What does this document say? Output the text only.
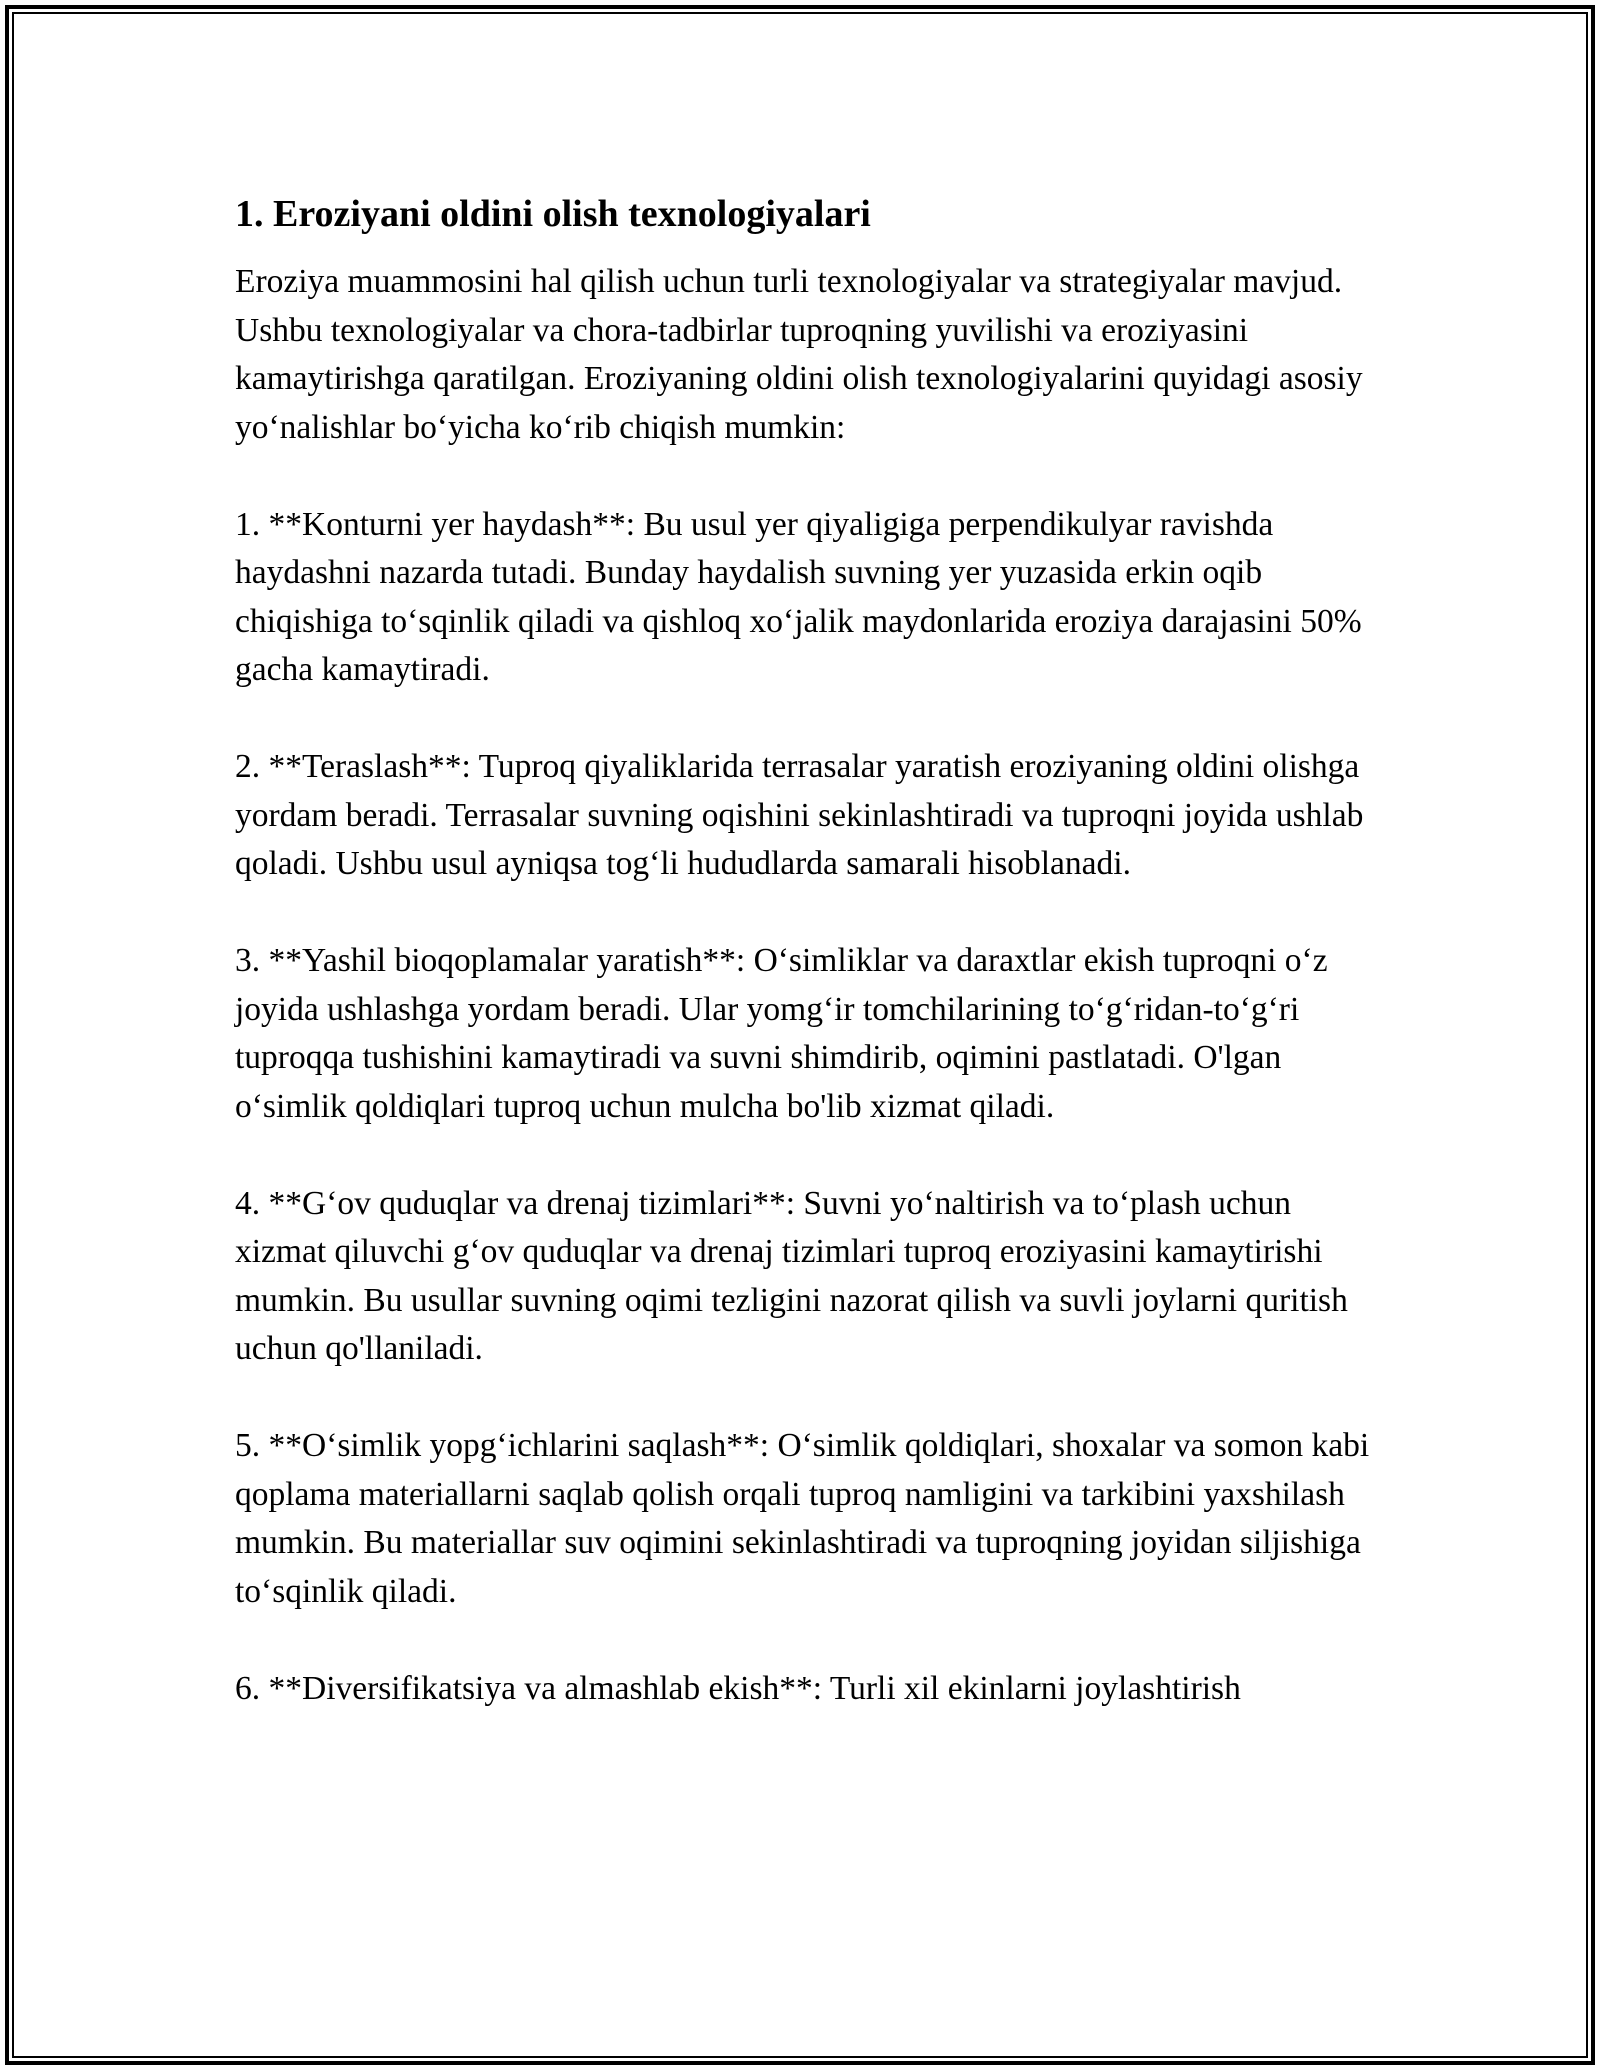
1. Eroziyani oldini olish texnologiyalari

Eroziya muammosini hal qilish uchun turli texnologiyalar va strategiyalar mavjud. Ushbu texnologiyalar va chora-tadbirlar tuproqning yuvilishi va eroziyasini kamaytirishga qaratilgan. Eroziyaning oldini olish texnologiyalarini quyidagi asosiy yo‘nalishlar bo‘yicha ko‘rib chiqish mumkin:

1. **Konturni yer haydash**: Bu usul yer qiyaligiga perpendikulyar ravishda haydashni nazarda tutadi. Bunday haydalish suvning yer yuzasida erkin oqib chiqishiga to‘sqinlik qiladi va qishloq xo‘jalik maydonlarida eroziya darajasini 50% gacha kamaytiradi.

2. **Teraslash**: Tuproq qiyaliklarida terrasalar yaratish eroziyaning oldini olishga yordam beradi. Terrasalar suvning oqishini sekinlashtiradi va tuproqni joyida ushlab qoladi. Ushbu usul ayniqsa tog‘li hududlarda samarali hisoblanadi.

3. **Yashil bioqoplamalar yaratish**: O‘simliklar va daraxtlar ekish tuproqni o‘z joyida ushlashga yordam beradi. Ular yomg‘ir tomchilarining to‘g‘ridan-to‘g‘ri tuproqqa tushishini kamaytiradi va suvni shimdirib, oqimini pastlatadi. O'lgan o‘simlik qoldiqlari tuproq uchun mulcha bo'lib xizmat qiladi.

4. **G‘ov quduqlar va drenaj tizimlari**: Suvni yo‘naltirish va to‘plash uchun xizmat qiluvchi g‘ov quduqlar va drenaj tizimlari tuproq eroziyasini kamaytirishi mumkin. Bu usullar suvning oqimi tezligini nazorat qilish va suvli joylarni quritish uchun qo'llaniladi.

5. **O‘simlik yopg‘ichlarini saqlash**: O‘simlik qoldiqlari, shoxalar va somon kabi qoplama materiallarni saqlab qolish orqali tuproq namligini va tarkibini yaxshilash mumkin. Bu materiallar suv oqimini sekinlashtiradi va tuproqning joyidan siljishiga to‘sqinlik qiladi.

6. **Diversifikatsiya va almashlab ekish**: Turli xil ekinlarni joylashtirish
